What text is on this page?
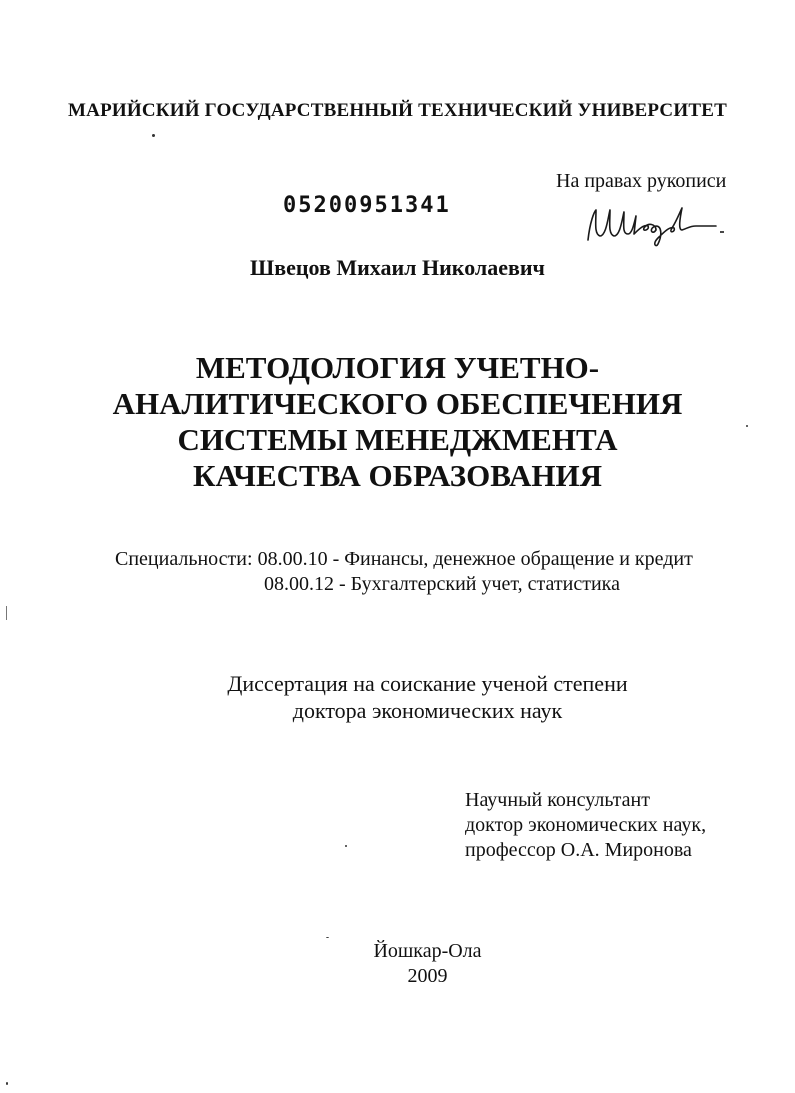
МАРИЙСКИЙ ГОСУДАРСТВЕННЫЙ ТЕХНИЧЕСКИЙ УНИВЕРСИТЕТ
На правах рукописи
05200951341
Швецов Михаил Николаевич
МЕТОДОЛОГИЯ УЧЕТНО-
АНАЛИТИЧЕСКОГО ОБЕСПЕЧЕНИЯ
СИСТЕМЫ МЕНЕДЖМЕНТА
КАЧЕСТВА ОБРАЗОВАНИЯ
Специальности: 08.00.10 - Финансы, денежное обращение и кредит
08.00.12 - Бухгалтерский учет, статистика
Диссертация на соискание ученой степени
доктора экономических наук
Научный консультант
доктор экономических наук,
профессор О.А. Миронова
Йошкар-Ола
2009
